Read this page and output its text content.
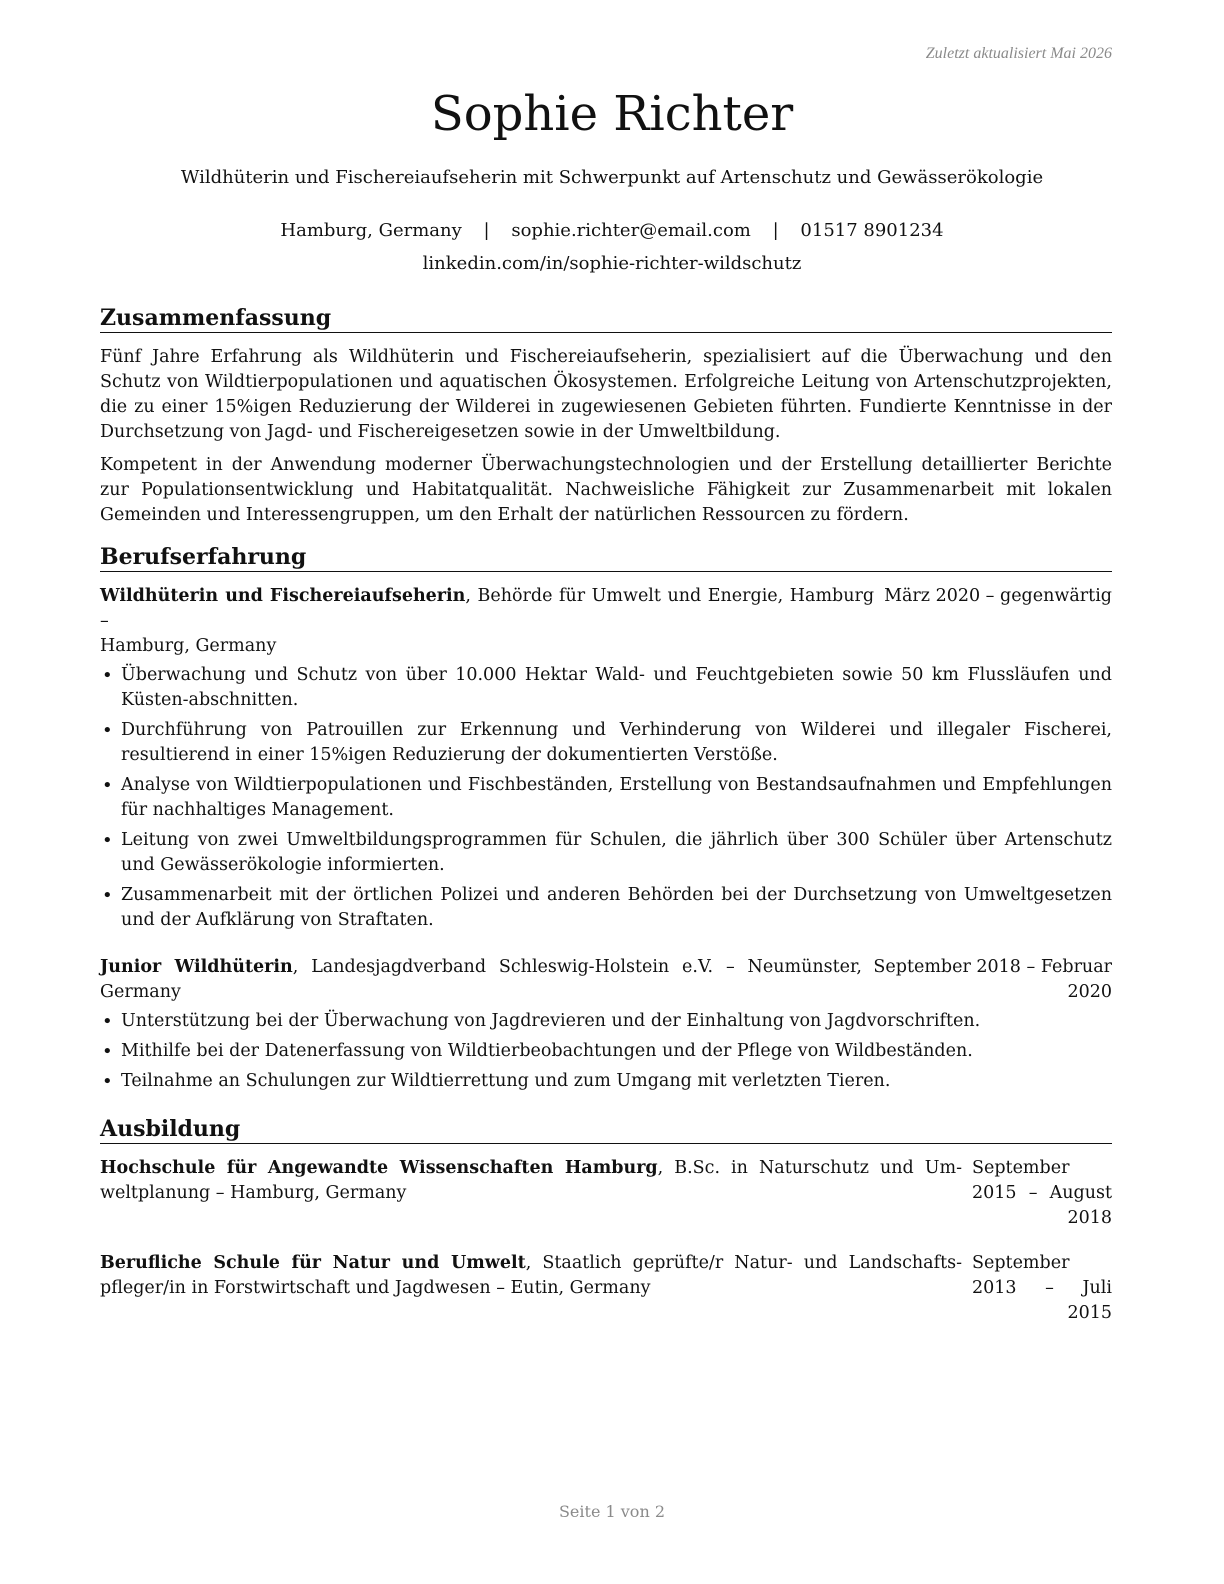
Zuletzt aktualisiert Mai 2026
Sophie Richter
Wildhüterin und Fischereiaufseherin mit Schwerpunkt auf Artenschutz und Gewässerökologie
Hamburg, Germany | sophie.richter@email.com | 01517 8901234
linkedin.com/in/sophie-richter-wildschutz
Zusammenfassung

Fünf Jahre Erfahrung als Wildhüterin und Fischereiaufseherin, spezialisiert auf die Überwachung und den Schutz von Wildtierpopulationen und aquatischen Ökosystemen. Erfolgreiche Leitung von Artenschutzprojekten, die zu einer 15%igen Reduzierung der Wilderei in zugewiesenen Gebieten führten. Fundierte Kenntnisse in der Durchsetzung von Jagd- und Fischereigesetzen sowie in der Umweltbildung.

Kompetent in der Anwendung moderner Überwachungstechnologien und der Erstellung detaillierter Berichte zur Populationsentwicklung und Habitatqualität. Nachweisliche Fähigkeit zur Zusammenarbeit mit lokalen Gemeinden und Interessengruppen, um den Erhalt der natürlichen Ressourcen zu fördern.

Berufserfahrung
Wildhüterin und Fischereiaufseherin, Behörde für Umwelt und Energie, Hamburg –
März 2020 – gegenwärtig
Hamburg, Germany
• Überwachung und Schutz von über 10.000 Hektar Wald- und Feuchtgebieten sowie 50 km Flussläufen und Küsten-abschnitten.
• Durchführung von Patrouillen zur Erkennung und Verhinderung von Wilderei und illegaler Fischerei, resultierend in einer 15%igen Reduzierung der dokumentierten Verstöße.
• Analyse von Wildtierpopulationen und Fischbeständen, Erstellung von Bestandsaufnahmen und Empfehlungen für nachhaltiges Management.
• Leitung von zwei Umweltbildungsprogrammen für Schulen, die jährlich über 300 Schüler über Artenschutz und Gewässerökologie informierten.
• Zusammenarbeit mit der örtlichen Polizei und anderen Behörden bei der Durchsetzung von Umweltgesetzen und der Aufklärung von Straftaten.
Junior Wildhüterin, Landesjagdverband Schleswig-Holstein e.V. – Neumünster, Germany
September 2018 – Februar 2020
• Unterstützung bei der Überwachung von Jagdrevieren und der Einhaltung von Jagdvorschriften.
• Mithilfe bei der Datenerfassung von Wildtierbeobachtungen und der Pflege von Wildbeständen.
• Teilnahme an Schulungen zur Wildtierrettung und zum Umgang mit verletzten Tieren.
Ausbildung
Hochschule für Angewandte Wissenschaften Hamburg, B.Sc. in Naturschutz und Um-weltplanung – Hamburg, Germany
September 2015 – August 2018
Berufliche Schule für Natur und Umwelt, Staatlich geprüfte/r Natur- und Landschafts-pfleger/in in Forstwirtschaft und Jagdwesen – Eutin, Germany
September 2013 – Juli 2015
Seite 1 von 2
